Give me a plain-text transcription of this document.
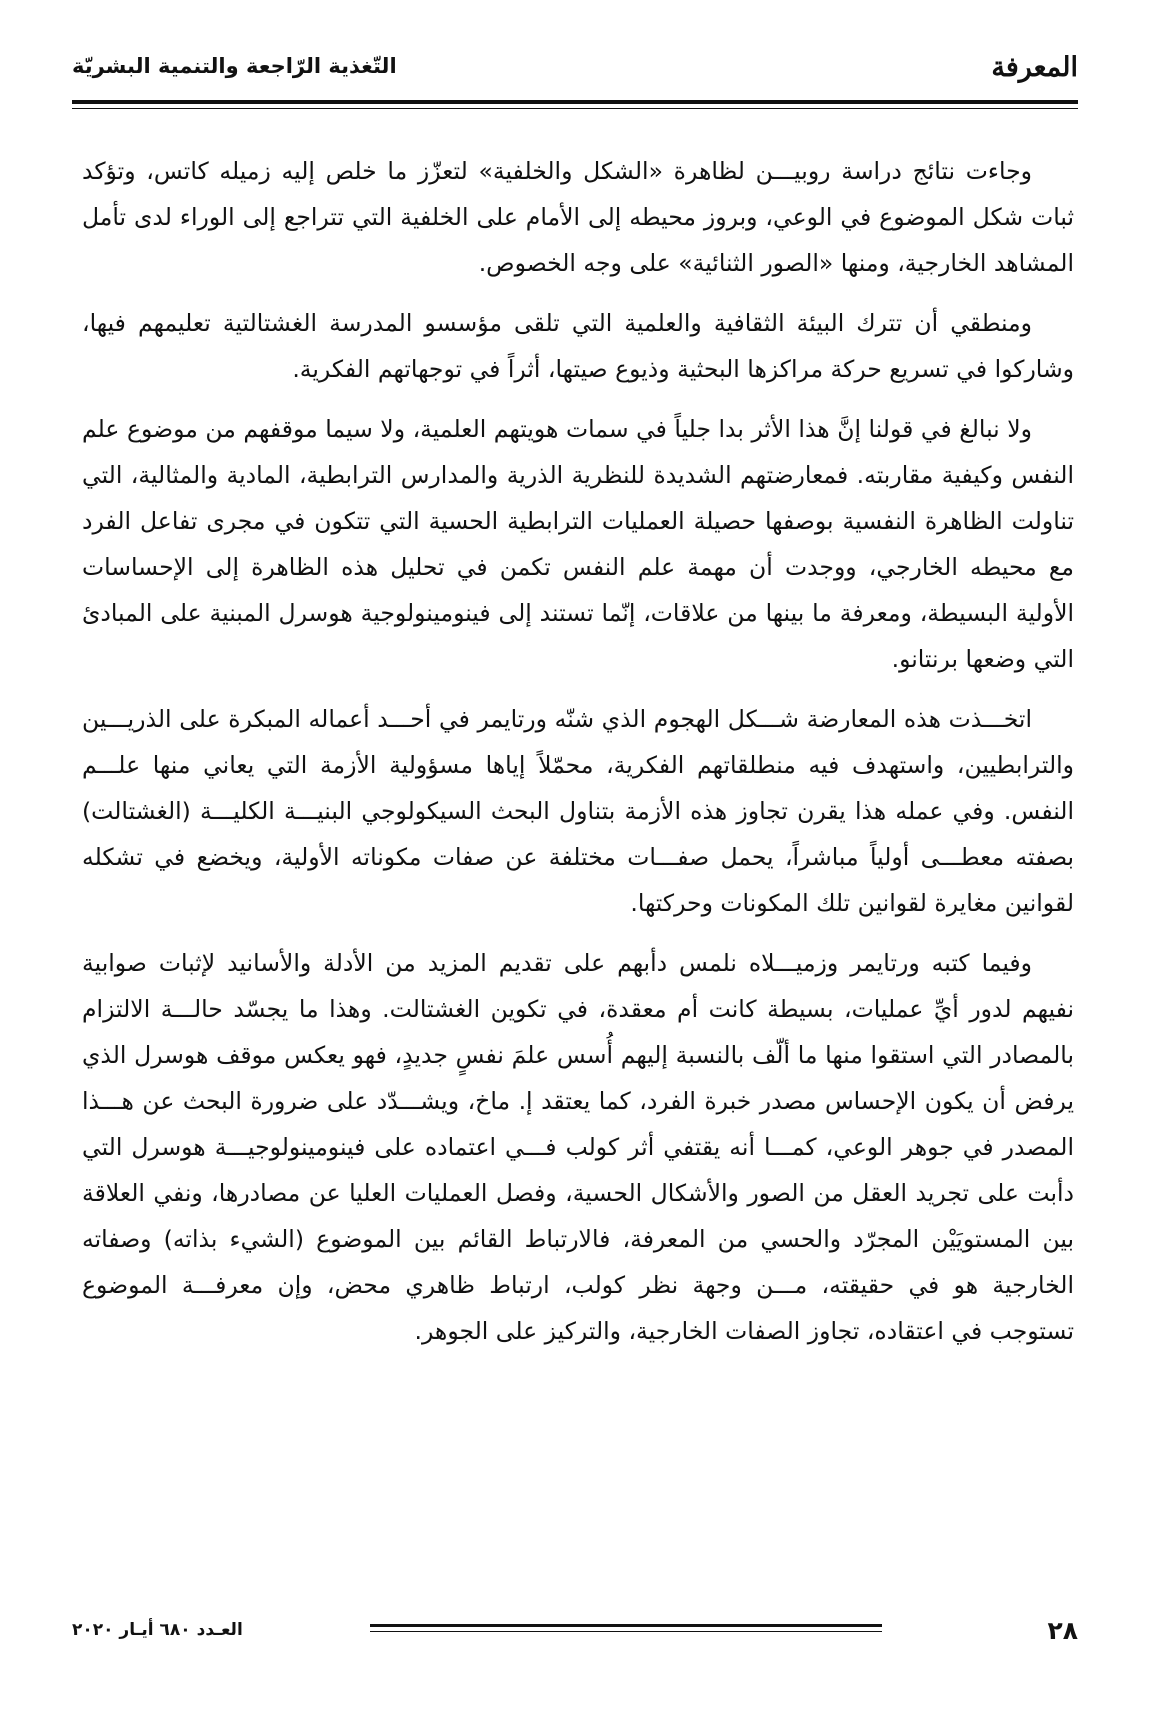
المعرفة
التّغذية الرّاجعة والتنمية البشريّة

وجاءت نتائج دراسة روبيـــن لظاهرة «الشكل والخلفية» لتعزّز ما خلص إليه زميله كاتس، وتؤكد ثبات شكل الموضوع في الوعي، وبروز محيطه إلى الأمام على الخلفية التي تتراجع إلى الوراء لدى تأمل المشاهد الخارجية، ومنها «الصور الثنائية» على وجه الخصوص.

ومنطقي أن تترك البيئة الثقافية والعلمية التي تلقى مؤسسو المدرسة الغشتالتية تعليمهم فيها، وشاركوا في تسريع حركة مراكزها البحثية وذيوع صيتها، أثراً في توجهاتهم الفكرية.

ولا نبالغ في قولنا إنَّ هذا الأثر بدا جلياً في سمات هويتهم العلمية، ولا سيما موقفهم من موضوع علم النفس وكيفية مقاربته. فمعارضتهم الشديدة للنظرية الذرية والمدارس الترابطية، المادية والمثالية، التي تناولت الظاهرة النفسية بوصفها حصيلة العمليات الترابطية الحسية التي تتكون في مجرى تفاعل الفرد مع محيطه الخارجي، ووجدت أن مهمة علم النفس تكمن في تحليل هذه الظاهرة إلى الإحساسات الأولية البسيطة، ومعرفة ما بينها من علاقات، إنّما تستند إلى فينومينولوجية هوسرل المبنية على المبادئ التي وضعها برنتانو.

اتخـــذت هذه المعارضة شـــكل الهجوم الذي شنّه ورتايمر في أحـــد أعماله المبكرة على الذريـــين والترابطيين، واستهدف فيه منطلقاتهم الفكرية، محمّلاً إياها مسؤولية الأزمة التي يعاني منها علـــم النفس. وفي عمله هذا يقرن تجاوز هذه الأزمة بتناول البحث السيكولوجي البنيـــة الكليـــة (الغشتالت) بصفته معطـــى أولياً مباشراً، يحمل صفـــات مختلفة عن صفات مكوناته الأولية، ويخضع في تشكله لقوانين مغايرة لقوانين تلك المكونات وحركتها.

وفيما كتبه ورتايمر وزميـــلاه نلمس دأبهم على تقديم المزيد من الأدلة والأسانيد لإثبات صوابية نفيهم لدور أيِّ عمليات، بسيطة كانت أم معقدة، في تكوين الغشتالت. وهذا ما يجسّد حالـــة الالتزام بالمصادر التي استقوا منها ما ألّف بالنسبة إليهم أُسس علمَ نفسٍ جديدٍ، فهو يعكس موقف هوسرل الذي يرفض أن يكون الإحساس مصدر خبرة الفرد، كما يعتقد إ. ماخ، ويشـــدّد على ضرورة البحث عن هـــذا المصدر في جوهر الوعي، كمـــا أنه يقتفي أثر كولب فـــي اعتماده على فينومينولوجيـــة هوسرل التي دأبت على تجريد العقل من الصور والأشكال الحسية، وفصل العمليات العليا عن مصادرها، ونفي العلاقة بين المستويَيْن المجرّد والحسي من المعرفة، فالارتباط القائم بين الموضوع (الشيء بذاته) وصفاته الخارجية هو في حقيقته، مـــن وجهة نظر كولب، ارتباط ظاهري محض، وإن معرفـــة الموضوع تستوجب في اعتقاده، تجاوز الصفات الخارجية، والتركيز على الجوهر.

٢٨
العـدد ٦٨٠ أيـار ٢٠٢٠
